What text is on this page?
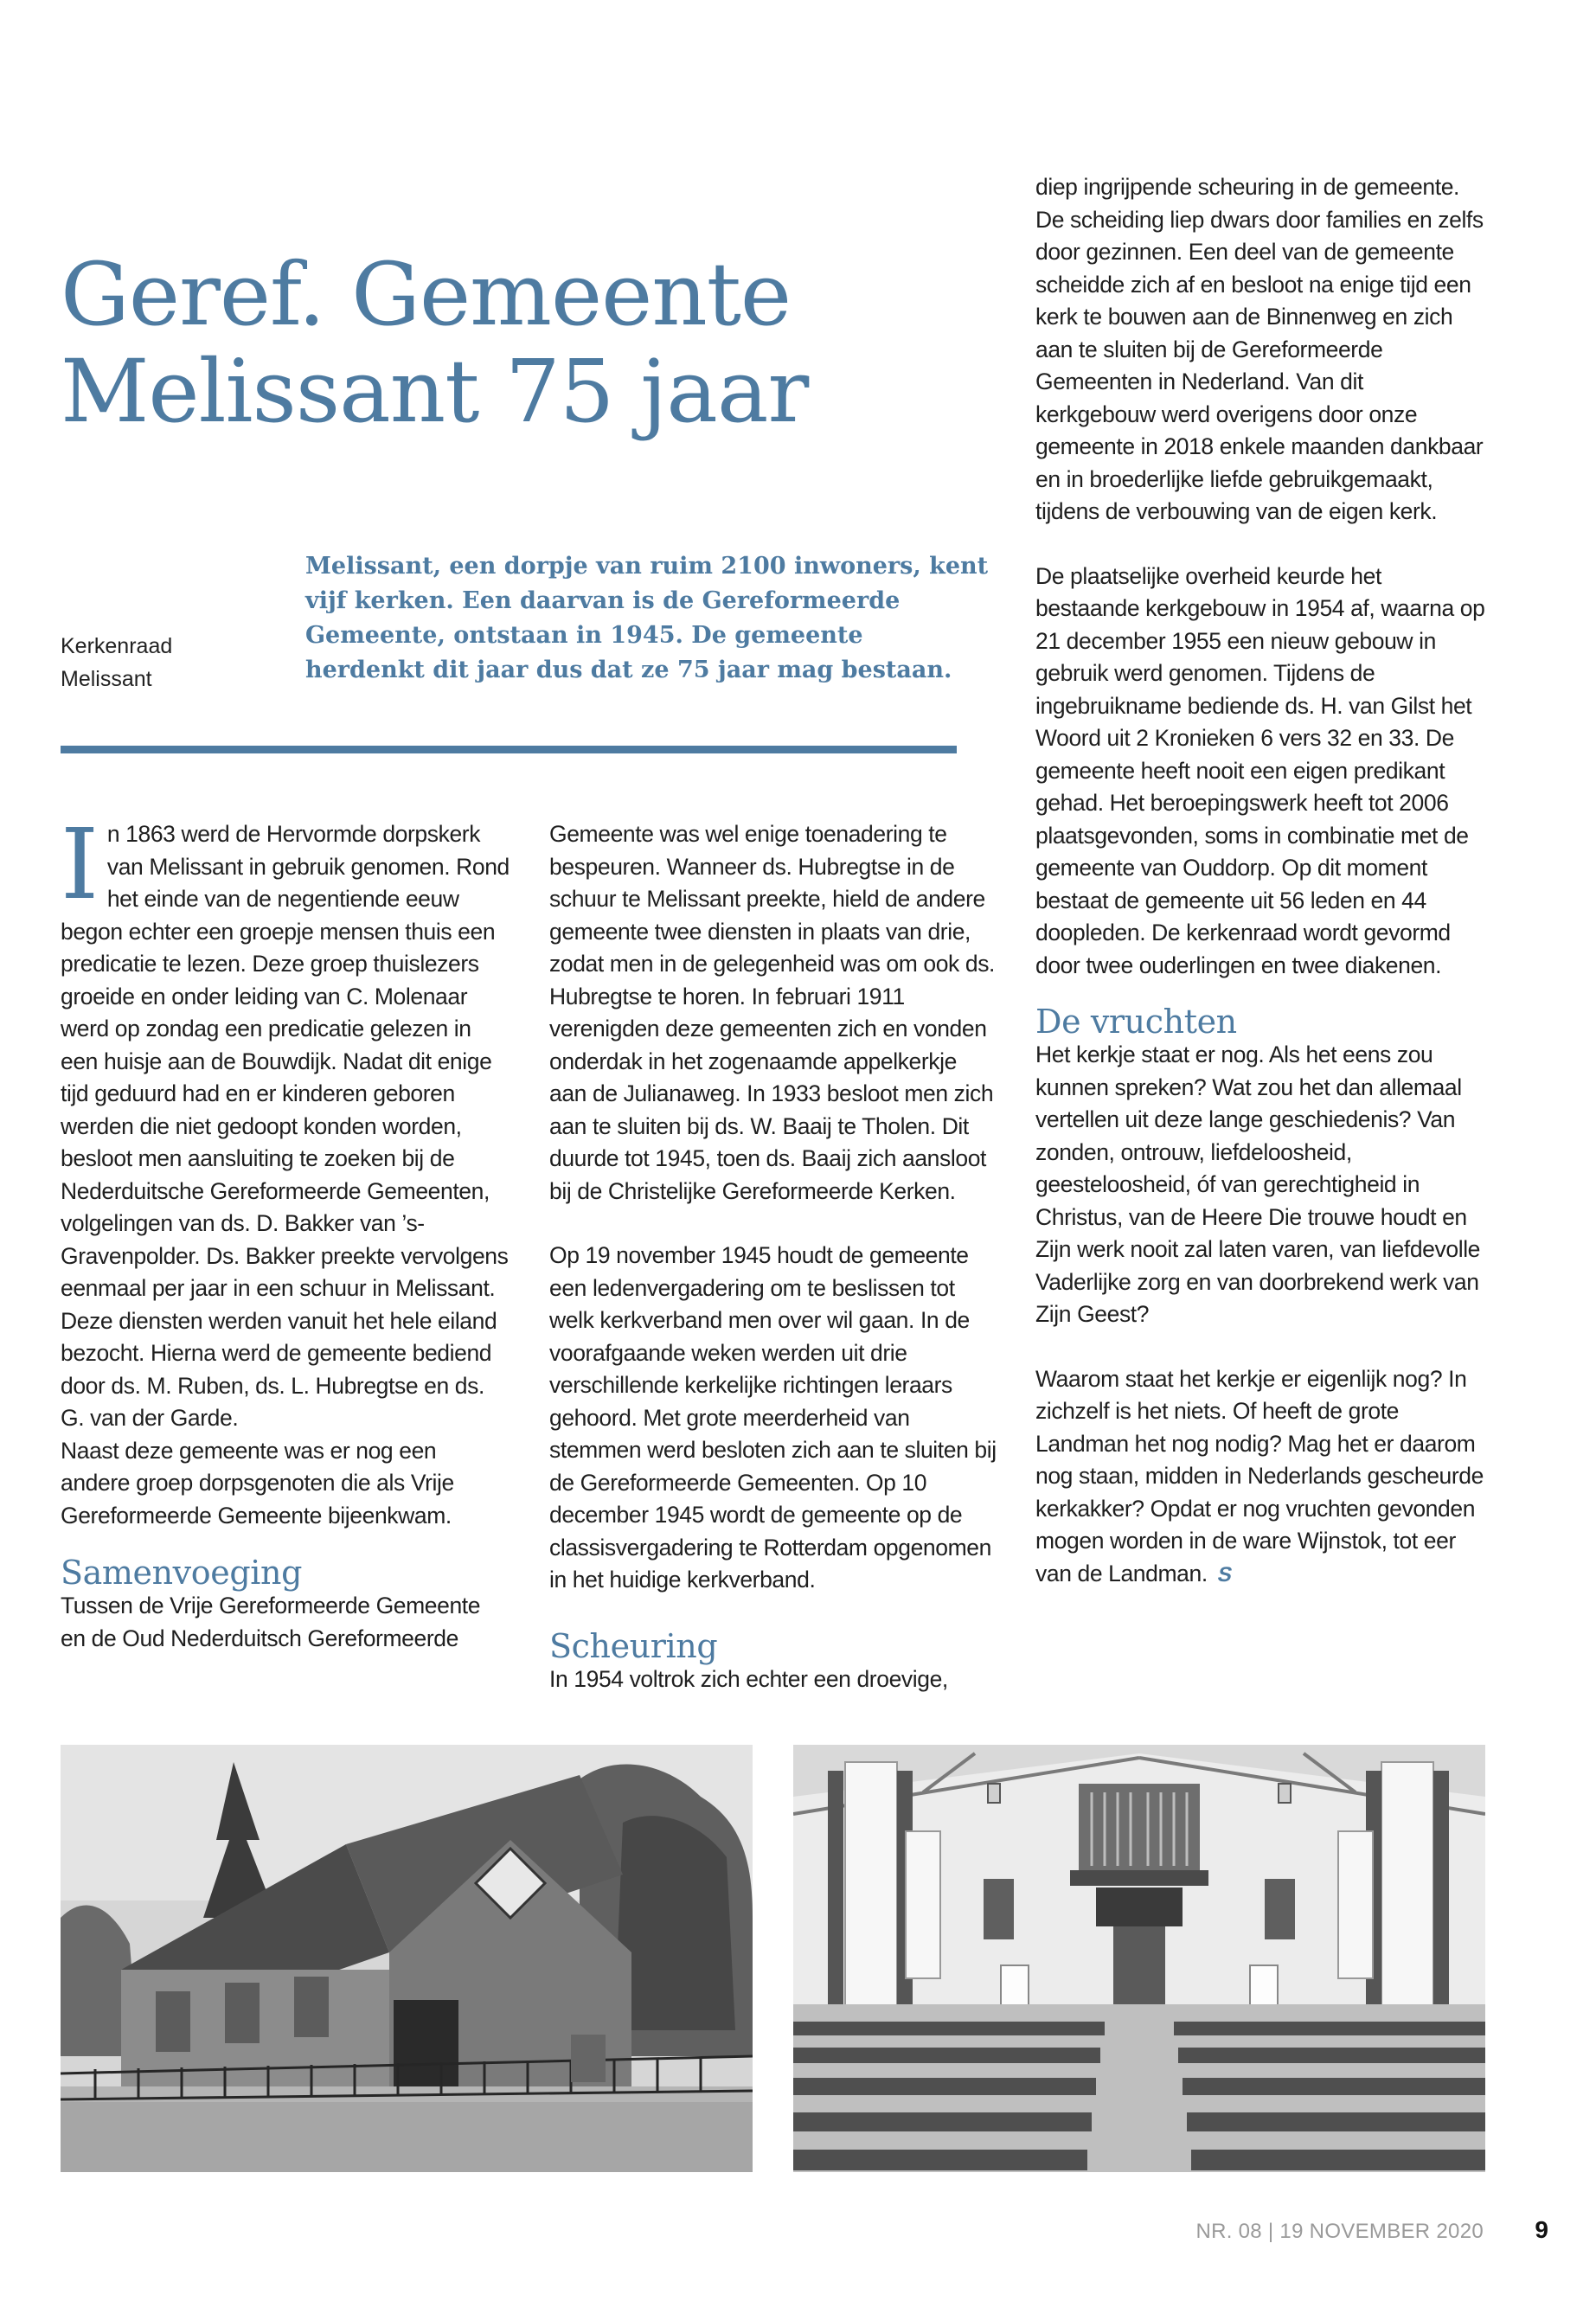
Geref. Gemeente
Melissant 75 jaar
Kerkenraad
Melissant

Melissant, een dorpje van ruim 2100 inwoners, kent vijf kerken. Een daarvan is de Gereformeerde Gemeente, ontstaan in 1945. De gemeente herdenkt dit jaar dus dat ze 75 jaar mag bestaan.

In 1863 werd de Hervormde dorpskerk van Melissant in gebruik genomen. Rond het einde van de negentiende eeuw begon echter een groepje mensen thuis een predicatie te lezen. Deze groep thuislezers groeide en onder leiding van C. Molenaar werd op zondag een predicatie gelezen in een huisje aan de Bouwdijk. Nadat dit enige tijd geduurd had en er kinderen geboren werden die niet gedoopt konden worden, besloot men aansluiting te zoeken bij de Nederduitsche Gereformeerde Gemeenten, volgelingen van ds. D. Bakker van ’s-Gravenpolder. Ds. Bakker preekte vervolgens eenmaal per jaar in een schuur in Melissant. Deze diensten werden vanuit het hele eiland bezocht. Hierna werd de gemeente bediend door ds. M. Ruben, ds. L. Hubregtse en ds. G. van der Garde.

Naast deze gemeente was er nog een andere groep dorpsgenoten die als Vrije Gereformeerde Gemeente bijeenkwam.

Samenvoeging

Tussen de Vrije Gereformeerde Gemeente en de Oud Nederduitsch Gereformeerde

Gemeente was wel enige toenadering te bespeuren. Wanneer ds. Hubregtse in de schuur te Melissant preekte, hield de andere gemeente twee diensten in plaats van drie, zodat men in de gelegenheid was om ook ds. Hubregtse te horen. In februari 1911 verenigden deze gemeenten zich en vonden onderdak in het zogenaamde appelkerkje aan de Julianaweg. In 1933 besloot men zich aan te sluiten bij ds. W. Baaij te Tholen. Dit duurde tot 1945, toen ds. Baaij zich aansloot bij de Christelijke Gereformeerde Kerken.

Op 19 november 1945 houdt de gemeente een ledenvergadering om te beslissen tot welk kerkverband men over wil gaan. In de voorafgaande weken werden uit drie verschillende kerkelijke richtingen leraars gehoord. Met grote meerderheid van stemmen werd besloten zich aan te sluiten bij de Gereformeerde Gemeenten. Op 10 december 1945 wordt de gemeente op de classisvergadering te Rotterdam opgenomen in het huidige kerkverband.

Scheuring

In 1954 voltrok zich echter een droevige,

diep ingrijpende scheuring in de gemeente. De scheiding liep dwars door families en zelfs door gezinnen. Een deel van de gemeente scheidde zich af en besloot na enige tijd een kerk te bouwen aan de Binnenweg en zich aan te sluiten bij de Gereformeerde Gemeenten in Nederland. Van dit kerkgebouw werd overigens door onze gemeente in 2018 enkele maanden dankbaar en in broederlijke liefde gebruikgemaakt, tijdens de verbouwing van de eigen kerk.

De plaatselijke overheid keurde het bestaande kerkgebouw in 1954 af, waarna op 21 december 1955 een nieuw gebouw in gebruik werd genomen. Tijdens de ingebruikname bediende ds. H. van Gilst het Woord uit 2 Kronieken 6 vers 32 en 33. De gemeente heeft nooit een eigen predikant gehad. Het beroepingswerk heeft tot 2006 plaatsgevonden, soms in combinatie met de gemeente van Ouddorp. Op dit moment bestaat de gemeente uit 56 leden en 44 doopleden. De kerkenraad wordt gevormd door twee ouderlingen en twee diakenen.

De vruchten

Het kerkje staat er nog. Als het eens zou kunnen spreken? Wat zou het dan allemaal vertellen uit deze lange geschiedenis? Van zonden, ontrouw, liefdeloosheid, geesteloosheid, óf van gerechtigheid in Christus, van de Heere Die trouwe houdt en Zijn werk nooit zal laten varen, van liefdevolle Vaderlijke zorg en van doorbrekend werk van Zijn Geest?

Waarom staat het kerkje er eigenlijk nog? In zichzelf is het niets. Of heeft de grote Landman het nog nodig? Mag het er daarom nog staan, midden in Nederlands gescheurde kerkakker? Opdat er nog vruchten gevonden mogen worden in de ware Wijnstok, tot eer van de Landman. S

NR. 08 | 19 NOVEMBER 2020 9
